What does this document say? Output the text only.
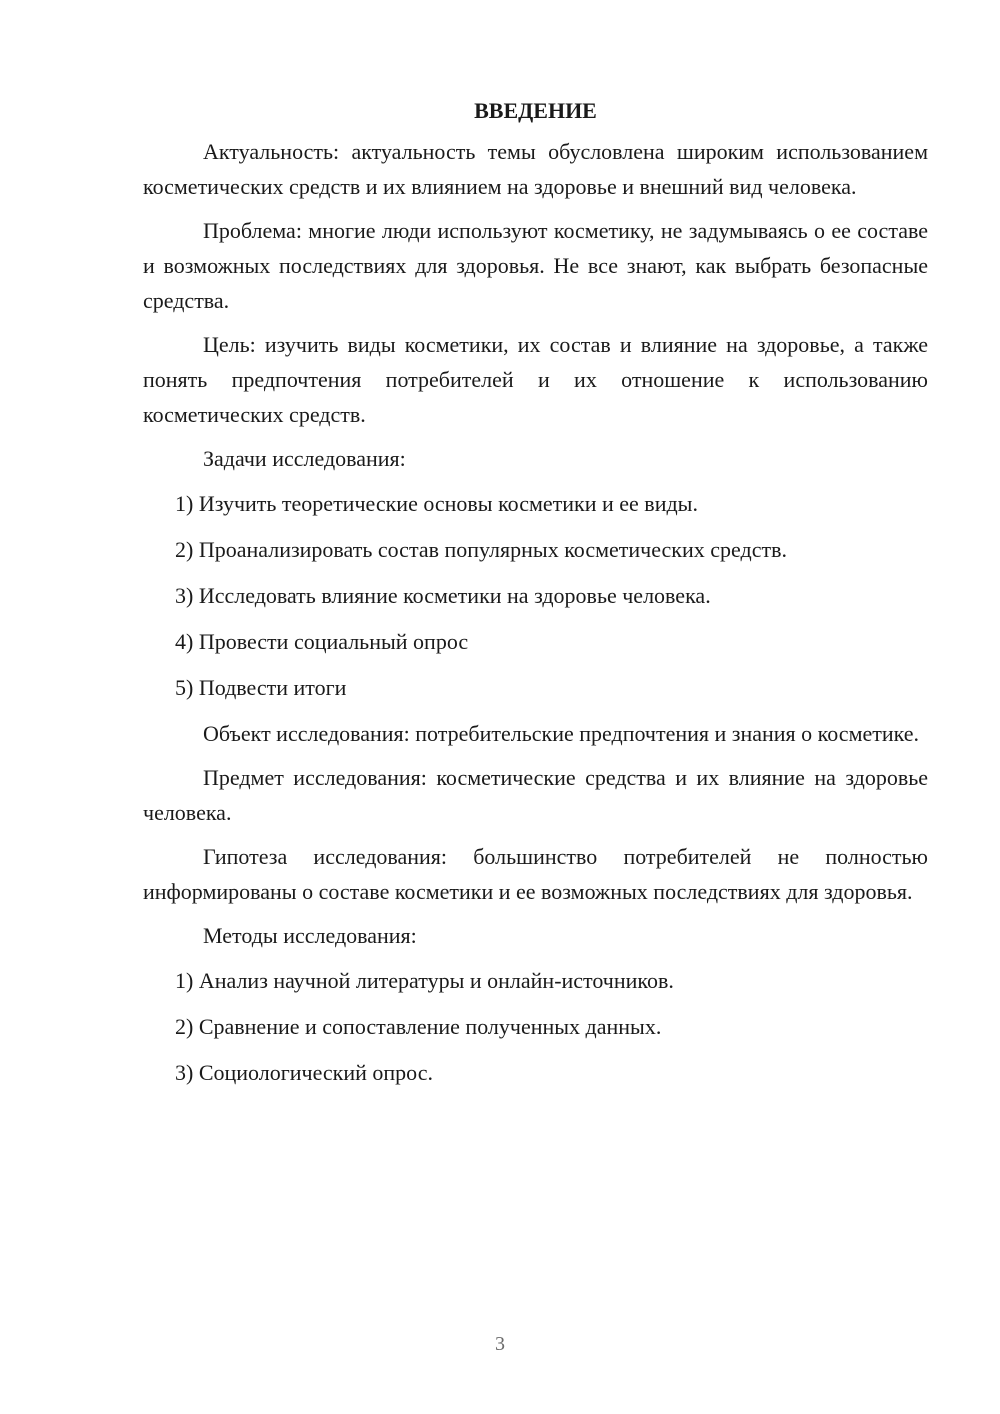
ВВЕДЕНИЕ

Актуальность: актуальность темы обусловлена широким использованием косметических средств и их влиянием на здоровье и внешний вид человека.

Проблема: многие люди используют косметику, не задумываясь о ее составе и возможных последствиях для здоровья. Не все знают, как выбрать безопасные средства.

Цель: изучить виды косметики, их состав и влияние на здоровье, а также понять предпочтения потребителей и их отношение к использованию косметических средств.

Задачи исследования:

1) Изучить теоретические основы косметики и ее виды.
2) Проанализировать состав популярных косметических средств.
3) Исследовать влияние косметики на здоровье человека.
4) Провести социальный опрос
5) Подвести итоги

Объект исследования: потребительские предпочтения и знания о косметике.

Предмет исследования: косметические средства и их влияние на здоровье человека.

Гипотеза исследования: большинство потребителей не полностью информированы о составе косметики и ее возможных последствиях для здоровья.

Методы исследования:

1) Анализ научной литературы и онлайн-источников.
2) Сравнение и сопоставление полученных данных.
3) Социологический опрос.
3
